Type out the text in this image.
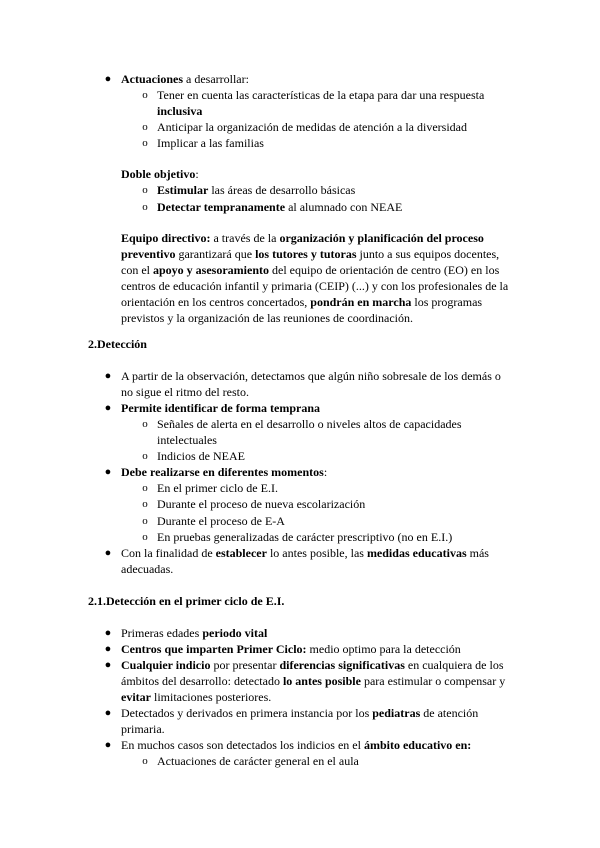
● Actuaciones a desarrollar:
o Tener en cuenta las características de la etapa para dar una respuesta
inclusiva
o Anticipar la organización de medidas de atención a la diversidad
o Implicar a las familias
Doble objetivo:
o Estimular las áreas de desarrollo básicas
o Detectar tempranamente al alumnado con NEAE
Equipo directivo: a través de la organización y planificación del proceso
preventivo garantizará que los tutores y tutoras junto a sus equipos docentes,
con el apoyo y asesoramiento del equipo de orientación de centro (EO) en los
centros de educación infantil y primaria (CEIP) (...) y con los profesionales de la
orientación en los centros concertados, pondrán en marcha los programas
previstos y la organización de las reuniones de coordinación.
2.Detección
● A partir de la observación, detectamos que algún niño sobresale de los demás o
no sigue el ritmo del resto.
● Permite identificar de forma temprana
o Señales de alerta en el desarrollo o niveles altos de capacidades
intelectuales
o Indicios de NEAE
● Debe realizarse en diferentes momentos:
o En el primer ciclo de E.I.
o Durante el proceso de nueva escolarización
o Durante el proceso de E-A
o En pruebas generalizadas de carácter prescriptivo (no en E.I.)
● Con la finalidad de establecer lo antes posible, las medidas educativas más
adecuadas.
2.1.Detección en el primer ciclo de E.I.
● Primeras edades periodo vital
● Centros que imparten Primer Ciclo: medio optimo para la detección
● Cualquier indicio por presentar diferencias significativas en cualquiera de los
ámbitos del desarrollo: detectado lo antes posible para estimular o compensar y
evitar limitaciones posteriores.
● Detectados y derivados en primera instancia por los pediatras de atención
primaria.
● En muchos casos son detectados los indicios en el ámbito educativo en:
o Actuaciones de carácter general en el aula
